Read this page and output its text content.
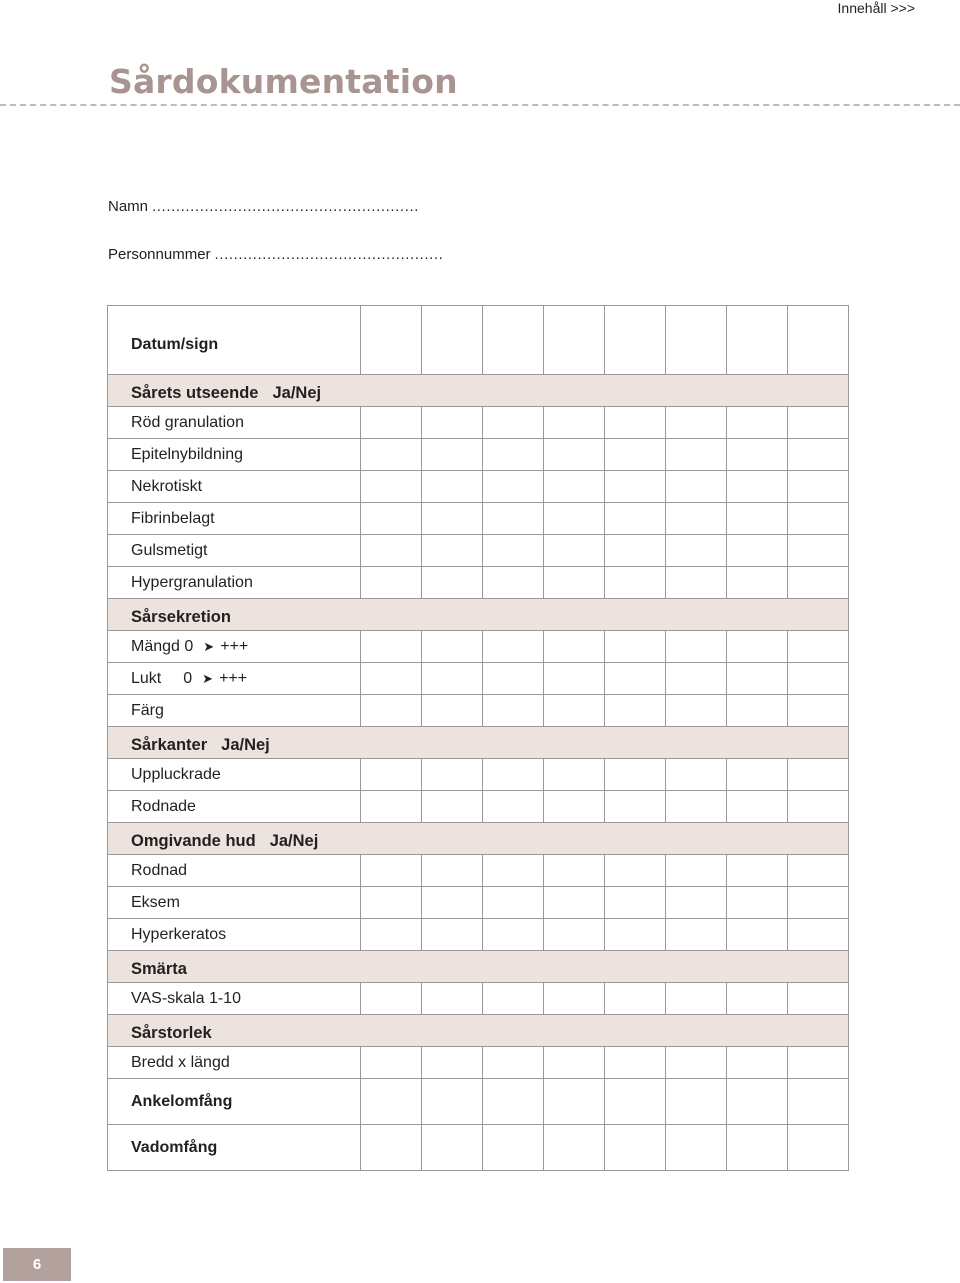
Innehåll >>>
Sårdokumentation
Namn ........................................................
Personnummer ................................................
Datum/sign								
Sårets utseende Ja/Nej								
Röd granulation								
Epitelnybildning								
Nekrotiskt								
Fibrinbelagt								
Gulsmetigt								
Hypergranulation								
Sårsekretion								
Mängd 0 ➤ +++								
Lukt 0 ➤ +++								
Färg								
Sårkanter Ja/Nej								
Uppluckrade								
Rodnade								
Omgivande hud Ja/Nej								
Rodnad								
Eksem								
Hyperkeratos								
Smärta								
VAS-skala 1-10								
Sårstorlek								
Bredd x längd								
Ankelomfång								
Vadomfång								
6
